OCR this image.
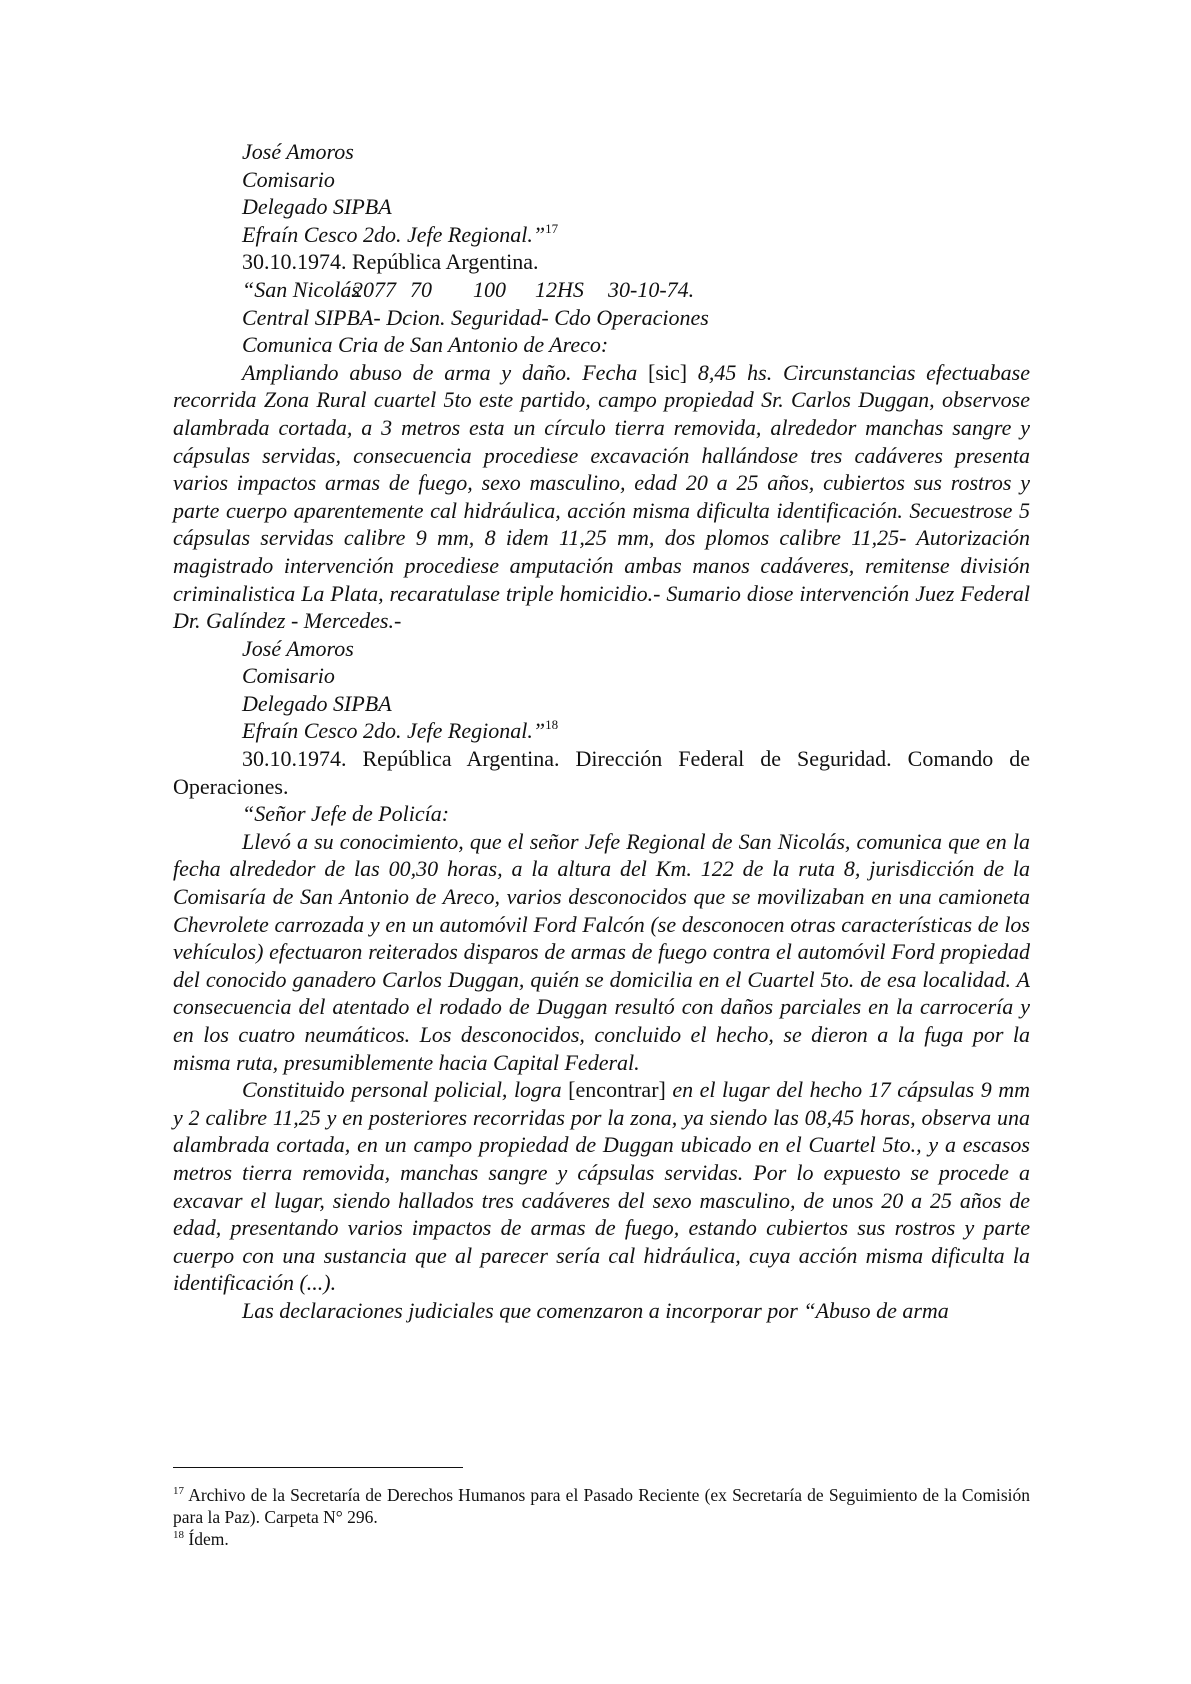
José Amoros
Comisario
Delegado SIPBA
Efraín Cesco 2do. Jefe Regional.”$^{17}$
30.10.1974. República Argentina.
“San Nicolás2077 70 100 12HS 30-10-74.
Central SIPBA- Dcion. Seguridad- Cdo Operaciones
Comunica Cria de San Antonio de Areco:

Ampliando abuso de arma y daño. Fecha [sic] 8,45 hs. Circunstancias efectuabase recorrida Zona Rural cuartel 5to este partido, campo propiedad Sr. Carlos Duggan, observose alambrada cortada, a 3 metros esta un círculo tierra removida, alrededor manchas sangre y cápsulas servidas, consecuencia procediese excavación hallándose tres cadáveres presenta varios impactos armas de fuego, sexo masculino, edad 20 a 25 años, cubiertos sus rostros y parte cuerpo aparentemente cal hidráulica, acción misma dificulta identificación. Secuestrose 5 cápsulas servidas calibre 9 mm, 8 idem 11,25 mm, dos plomos calibre 11,25- Autorización magistrado intervención procediese amputación ambas manos cadáveres, remitense división criminalistica La Plata, recaratulase triple homicidio.- Sumario diose intervención Juez Federal Dr. Galíndez - Mercedes.-

José Amoros
Comisario
Delegado SIPBA
Efraín Cesco 2do. Jefe Regional.”$^{18}$

30.10.1974. República Argentina. Dirección Federal de Seguridad. Comando de Operaciones.

“Señor Jefe de Policía:

Llevó a su conocimiento, que el señor Jefe Regional de San Nicolás, comunica que en la fecha alrededor de las 00,30 horas, a la altura del Km. 122 de la ruta 8, jurisdicción de la Comisaría de San Antonio de Areco, varios desconocidos que se movilizaban en una camioneta Chevrolete carrozada y en un automóvil Ford Falcón (se desconocen otras características de los vehículos) efectuaron reiterados disparos de armas de fuego contra el automóvil Ford propiedad del conocido ganadero Carlos Duggan, quién se domicilia en el Cuartel 5to. de esa localidad. A consecuencia del atentado el rodado de Duggan resultó con daños parciales en la carrocería y en los cuatro neumáticos. Los desconocidos, concluido el hecho, se dieron a la fuga por la misma ruta, presumiblemente hacia Capital Federal.

Constituido personal policial, logra [encontrar] en el lugar del hecho 17 cápsulas 9 mm y 2 calibre 11,25 y en posteriores recorridas por la zona, ya siendo las 08,45 horas, observa una alambrada cortada, en un campo propiedad de Duggan ubicado en el Cuartel 5to., y a escasos metros tierra removida, manchas sangre y cápsulas servidas. Por lo expuesto se procede a excavar el lugar, siendo hallados tres cadáveres del sexo masculino, de unos 20 a 25 años de edad, presentando varios impactos de armas de fuego, estando cubiertos sus rostros y parte cuerpo con una sustancia que al parecer sería cal hidráulica, cuya acción misma dificulta la identificación (...).

Las declaraciones judiciales que comenzaron a incorporar por “Abuso de arma
$^{17}$ Archivo de la Secretaría de Derechos Humanos para el Pasado Reciente (ex Secretaría de Seguimiento de la Comisión para la Paz). Carpeta N° 296.
$^{18}$ Ídem.
